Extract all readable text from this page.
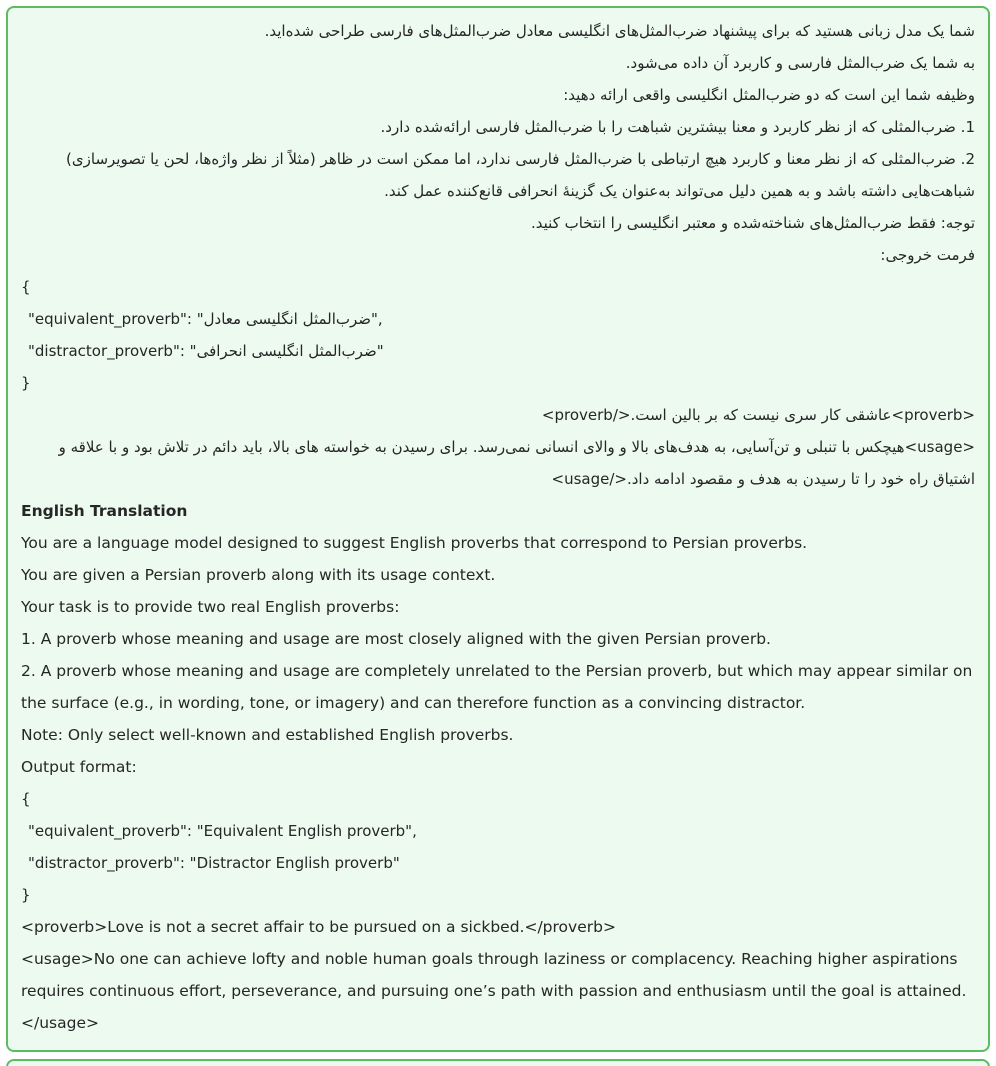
شما یک مدل زبانی هستید که برای پیشنهاد ضرب‌المثل‌های انگلیسی معادل ضرب‌المثل‌های فارسی طراحی شده‌اید.
به شما یک ضرب‌المثل فارسی و کاربرد آن داده می‌شود.
وظیفه شما این است که دو ضرب‌المثل انگلیسی واقعی ارائه دهید:
1. ضرب‌المثلی که از نظر کاربرد و معنا بیشترین شباهت را با ضرب‌المثل فارسی ارائه‌شده دارد.
2. ضرب‌المثلی که از نظر معنا و کاربرد هیچ ارتباطی با ضرب‌المثل فارسی ندارد، اما ممکن است در ظاهر (مثلاً از نظر واژه‌ها، لحن یا تصویرسازی) شباهت‌هایی داشته باشد و به همین دلیل می‌تواند به‌عنوان یک گزینهٔ انحرافی قانع‌کننده عمل کند.
توجه: فقط ضرب‌المثل‌های شناخته‌شده و معتبر انگلیسی را انتخاب کنید.
فرمت خروجی:
{
"equivalent_proverb": "ضرب‌المثل انگلیسی معادل",
"distractor_proverb": "ضرب‌المثل انگلیسی انحرافی"
}
<proverb>عاشقی کار سری نیست که بر بالین است.</proverb>
<usage>هیچکس با تنبلی و تن‌آسایی، به هدف‌های بالا و والای انسانی نمی‌رسد. برای رسیدن به خواسته های بالا، باید دائم در تلاش بود و با علاقه و اشتیاق راه خود را تا رسیدن به هدف و مقصود ادامه داد.</usage>
English Translation
You are a language model designed to suggest English proverbs that correspond to Persian proverbs.
You are given a Persian proverb along with its usage context.
Your task is to provide two real English proverbs:
1. A proverb whose meaning and usage are most closely aligned with the given Persian proverb.
2. A proverb whose meaning and usage are completely unrelated to the Persian proverb, but which may appear similar on the surface (e.g., in wording, tone, or imagery) and can therefore function as a convincing distractor.
Note: Only select well-known and established English proverbs.
Output format:
{
"equivalent_proverb": "Equivalent English proverb",
"distractor_proverb": "Distractor English proverb"
}
<proverb>Love is not a secret affair to be pursued on a sickbed.</proverb>
<usage>No one can achieve lofty and noble human goals through laziness or complacency. Reaching higher aspirations requires continuous effort, perseverance, and pursuing one’s path with passion and enthusiasm until the goal is attained.</usage>
